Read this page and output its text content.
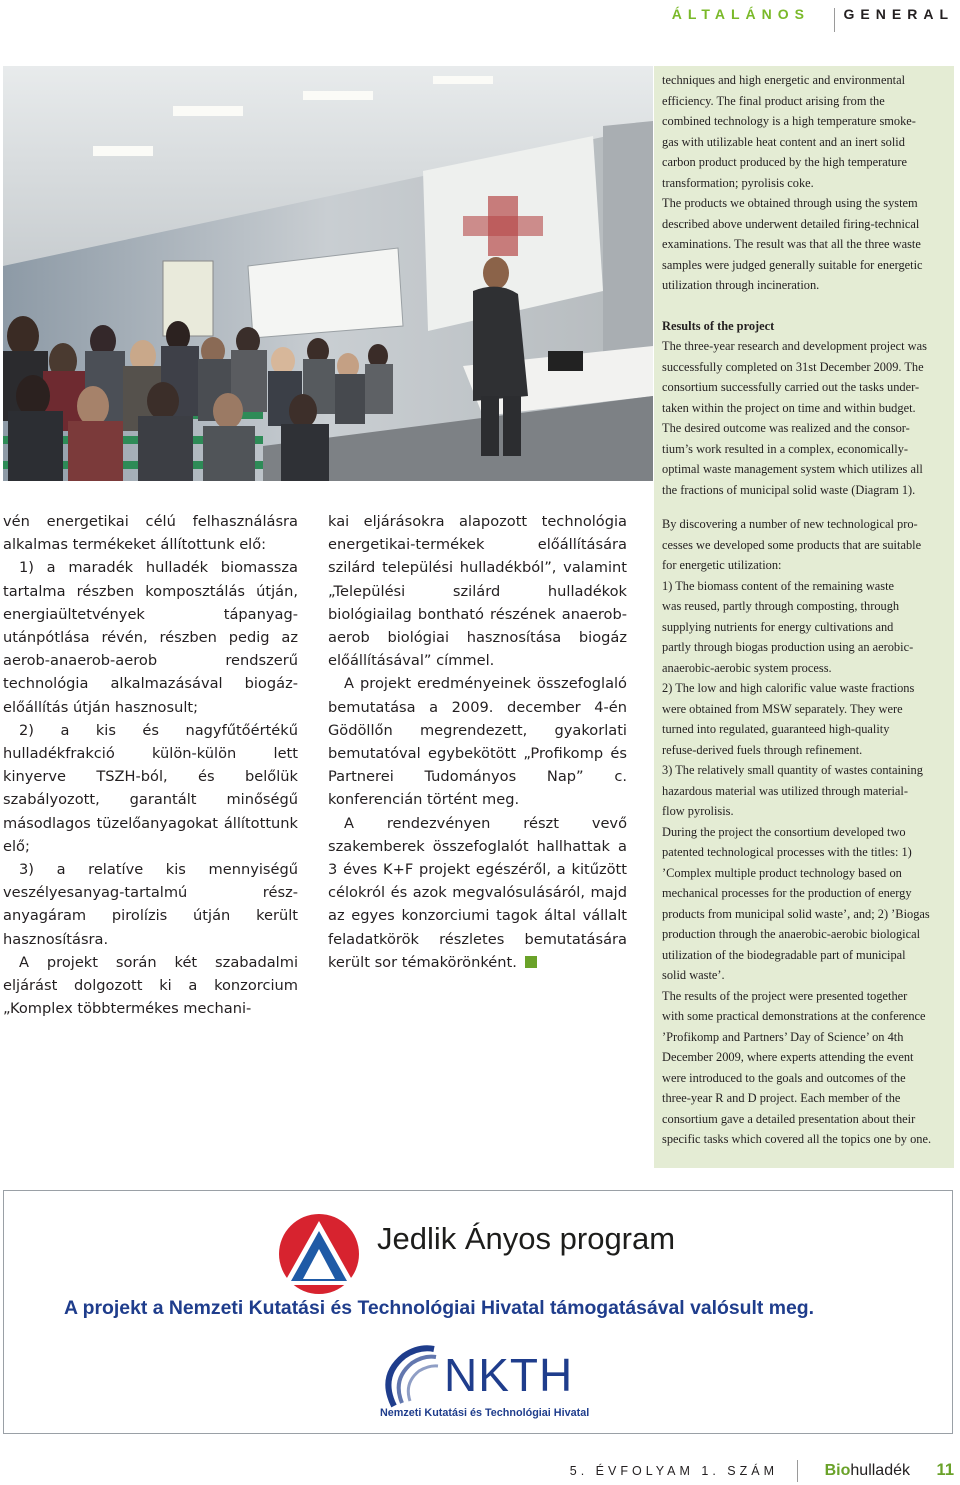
ÁLTALÁNOS GENERAL

techniques and high energetic and environmental

efficiency. The final product arising from the

combined technology is a high temperature smoke-

gas with utilizable heat content and an inert solid

carbon product produced by the high temperature

transformation; pyrolisis coke.

The products we obtained through using the system

described above underwent detailed firing-technical

examinations. The result was that all the three waste

samples were judged generally suitable for energetic

utilization through incineration.

Results of the project

The three-year research and development project was

successfully completed on 31st December 2009. The

consortium successfully carried out the tasks under-

taken within the project on time and within budget.

The desired outcome was realized and the consor-

tium’s work resulted in a complex, economically-

optimal waste management system which utilizes all

the fractions of municipal solid waste (Diagram 1).

By discovering a number of new technological pro-

cesses we developed some products that are suitable

for energetic utilization:

1) The biomass content of the remaining waste

was reused, partly through composting, through

supplying nutrients for energy cultivations and

partly through biogas production using an aerobic-

anaerobic-aerobic system process.

2) The low and high calorific value waste fractions

were obtained from MSW separately. They were

turned into regulated, guaranteed high-quality

refuse-derived fuels through refinement.

3) The relatively small quantity of wastes containing

hazardous material was utilized through material-

flow pyrolisis.

During the project the consortium developed two

patented technological processes with the titles: 1)

’Complex multiple product technology based on

mechanical processes for the production of energy

products from municipal solid waste’, and; 2) ’Biogas

production through the anaerobic-aerobic biological

utilization of the biodegradable part of municipal

solid waste’.

The results of the project were presented together

with some practical demonstrations at the conference

’Profikomp and Partners’ Day of Science’ on 4th

December 2009, where experts attending the event

were introduced to the goals and outcomes of the

three-year R and D project. Each member of the

consortium gave a detailed presentation about their

specific tasks which covered all the topics one by one.

vén energetikai célú felhasználásra alkalmas termékeket állítottunk elő:

1) a maradék hulladék biomassza tartalma részben komposztálás útján, energiaültetvények tápanyag-utánpótlása révén, részben pedig az aerob-anaerob-aerob rendszerű technológia alkalmazásával biogáz-előállítás útján hasznosult;

2) a kis és nagyfűtőértékű hulladékfrakció külön-külön lett kinyerve TSZH-ból, és belőlük szabályozott, garantált minőségű másodlagos tüzelőanyagokat állítottunk elő;

3) a relatíve kis mennyiségű veszélyesanyag-tartalmú rész-anyagáram pirolízis útján került hasznosításra.

A projekt során két szabadalmi eljárást dolgozott ki a konzorcium „Komplex többtermékes mechani-

kai eljárásokra alapozott technológia energetikai-termékek előállítására szilárd települési hulladékból”, valamint „Települési szilárd hulladékok biológiailag bontható részének anaerob-aerob biológiai hasznosítása biogáz előállításával” címmel.

A projekt eredményeinek összefoglaló bemutatása a 2009. december 4-én Gödöllőn megrendezett, gyakorlati bemutatóval egybekötött „Profikomp és Partnerei Tudományos Nap” c. konferencián történt meg.

A rendezvényen részt vevő szakemberek összefoglalót hallhattak a 3 éves K+F projekt egészéről, a kitűzött célokról és azok megvalósulásáról, majd az egyes konzorciumi tagok által vállalt feladatkörök részletes bemutatására került sor témakörönként.

Jedlik Ányos program
A projekt a Nemzeti Kutatási és Technológiai Hivatal támogatásával valósult meg.
NKTH
Nemzeti Kutatási és Technológiai Hivatal
5. ÉVFOLYAM 1. SZÁM	Biohulladék 11
